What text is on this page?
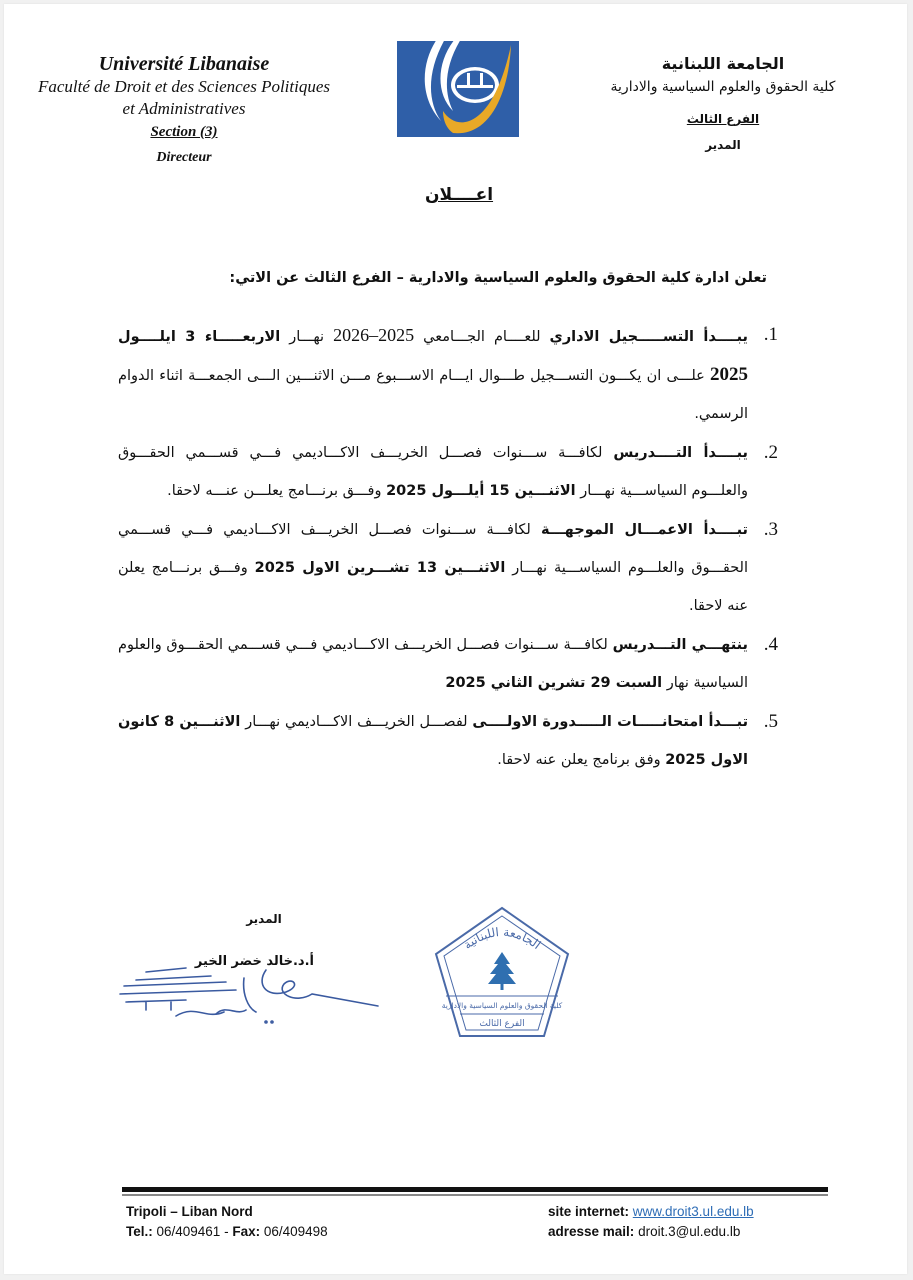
Université Libanaise
Faculté de Droit et des Sciences Politiques
et Administratives
Section (3)
Directeur
الجامعة اللبنانية
كلية الحقوق والعلوم السياسية والادارية
الفرع الثالث
المدير
اعــــلان
تعلن ادارة كلية الحقوق والعلوم السياسية والادارية – الفرع الثالث عن الاتي:
1.
يبــــدأ التســـــجيل الاداري للعــــام الجـــامعي 2025–2026 نهـــار الاربعـــــاء 3 ايلــــول 2025 علـــى ان يكـــون التســـجيل طـــوال ايـــام الاســـبوع مـــن الاثنـــين الـــى الجمعـــة اثناء الدوام الرسمي.
2.
يبــــدأ التــــدريس لكافـــة ســـنوات فصـــل الخريـــف الاكـــاديمي فـــي قســـمي الحقـــوق والعلـــوم السياســـية نهـــار الاثنـــين 15 أيلـــول 2025 وفـــق برنـــامج يعلـــن عنـــه لاحقا.
3.
تبــــدأ الاعمـــال الموجهـــة لكافـــة ســـنوات فصـــل الخريـــف الاكـــاديمي فـــي قســـمي الحقـــوق والعلـــوم السياســـية نهـــار الاثنـــين 13 تشـــرين الاول 2025 وفـــق برنـــامج يعلن عنه لاحقا.
4.
ينتهـــي التـــدريس لكافـــة ســـنوات فصـــل الخريـــف الاكـــاديمي فـــي قســـمي الحقـــوق والعلوم السياسية نهار السبت 29 تشرين الثاني 2025
5.
تبـــدأ امتحانـــــات الـــــدورة الاولــــى لفصـــل الخريـــف الاكـــاديمي نهـــار الاثنـــين 8 كانون الاول 2025 وفق برنامج يعلن عنه لاحقا.
المدير
أ.د.خالد خضر الخير
الجامعة اللبنانية
كلية الحقوق والعلوم السياسية والادارية
الفرع الثالث
Tripoli – Liban Nord
Tel.: 06/409461 - Fax: 06/409498
site internet: www.droit3.ul.edu.lb
adresse mail: droit.3@ul.edu.lb
